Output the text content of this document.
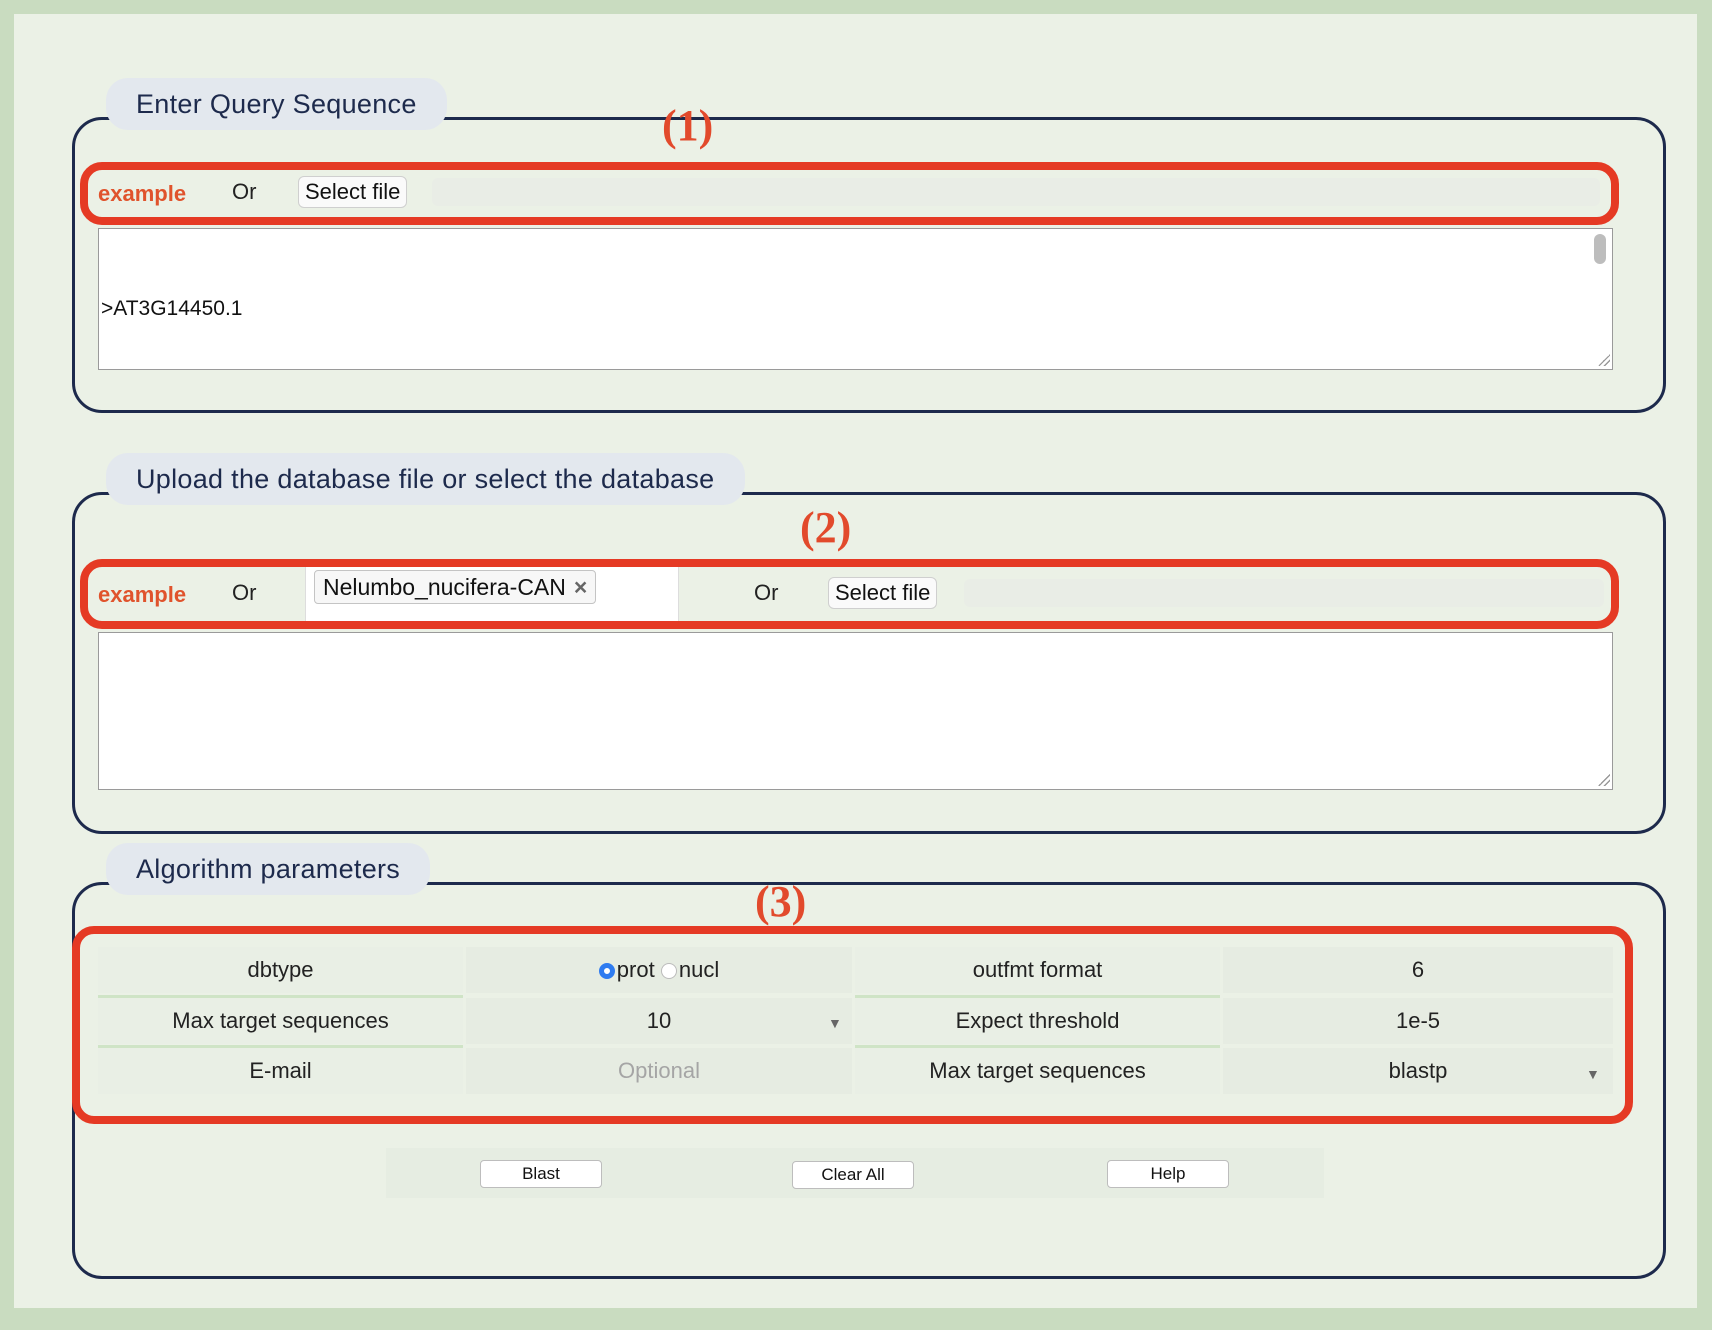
Enter Query Sequence	(1)
example Or	Select file

>AT3G14450.1

Upload the database file or select the database
(2)
example Or	Nelumbo_nucifera-CAN ×	Or	Select file
Algorithm parameters
(3)
dbtype	prot nucl	outfmt format	6
Max target sequences	10	▼	Expect threshold	1e-5
E-mail	Optional	Max target sequences	blastp	▼
Blast	Clear All	Help
